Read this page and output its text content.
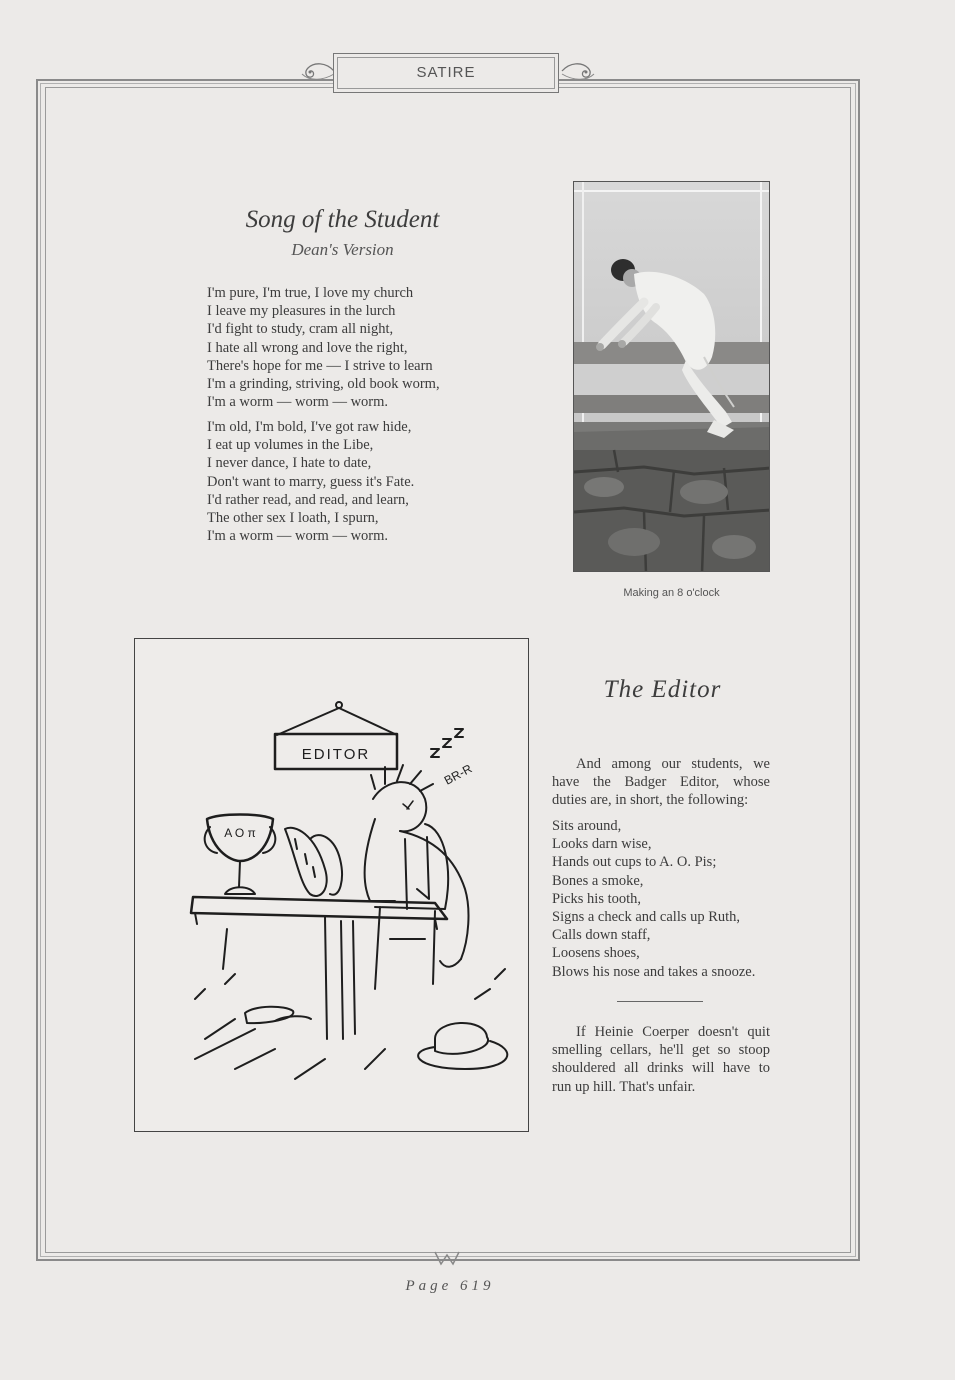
SATIRE
Song of the Student
Dean's Version
I'm pure, I'm true, I love my church
I leave my pleasures in the lurch
I'd fight to study, cram all night,
I hate all wrong and love the right,
There's hope for me — I strive to learn
I'm a grinding, striving, old book worm,
I'm a worm — worm — worm.
I'm old, I'm bold, I've got raw hide,
I eat up volumes in the Libe,
I never dance, I hate to date,
Don't want to marry, guess it's Fate.
I'd rather read, and read, and learn,
The other sex I loath, I spurn,
I'm a worm — worm — worm.
Making an 8 o'clock
EDITOR
A O π
BR-R
The Editor
And among our students, we
have the Badger Editor, whose
duties are, in short, the following:
Sits around,
Looks darn wise,
Hands out cups to A. O. Pis;
Bones a smoke,
Picks his tooth,
Signs a check and calls up Ruth,
Calls down staff,
Loosens shoes,
Blows his nose and takes a snooze.
If Heinie Coerper doesn't quit
smelling cellars, he'll get so stoop
shouldered all drinks will have to
run up hill. That's unfair.
Page 619
